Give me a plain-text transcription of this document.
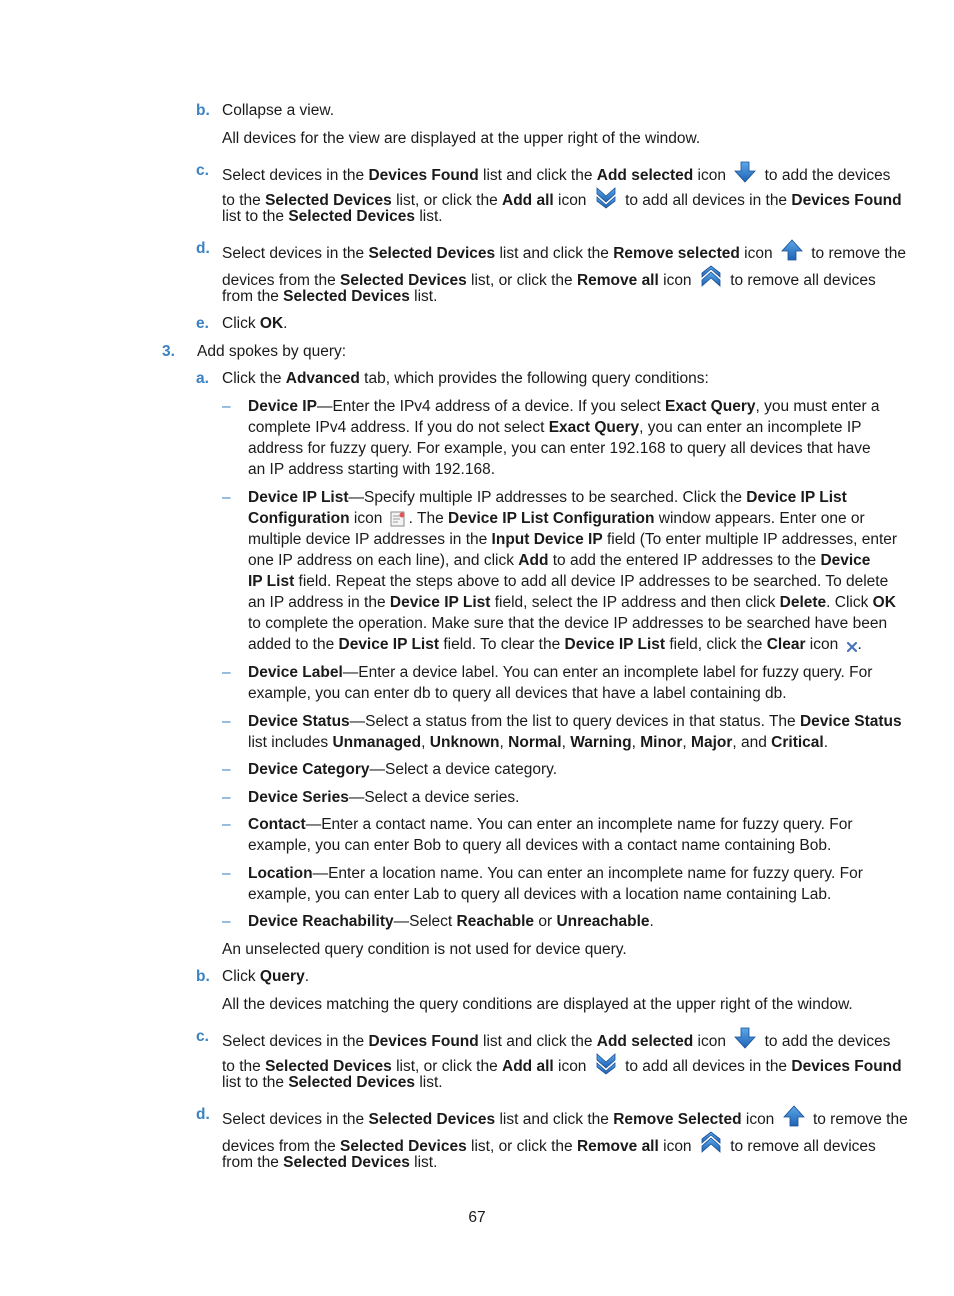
b. Collapse a view.
All devices for the view are displayed at the upper right of the window.
c. Select devices in the Devices Found list and click the Add selected icon to add the devices
to the Selected Devices list, or click the Add all icon to add all devices in the Devices Found
list to the Selected Devices list.
d. Select devices in the Selected Devices list and click the Remove selected icon to remove the
devices from the Selected Devices list, or click the Remove all icon to remove all devices
from the Selected Devices list.
e. Click OK.
3. Add spokes by query:
a. Click the Advanced tab, which provides the following query conditions:
– Device IP—Enter the IPv4 address of a device. If you select Exact Query, you must enter a
complete IPv4 address. If you do not select Exact Query, you can enter an incomplete IP
address for fuzzy query. For example, you can enter 192.168 to query all devices that have
an IP address starting with 192.168.
– Device IP List—Specify multiple IP addresses to be searched. Click the Device IP List
Configuration icon . The Device IP List Configuration window appears. Enter one or
multiple device IP addresses in the Input Device IP field (To enter multiple IP addresses, enter
one IP address on each line), and click Add to add the entered IP addresses to the Device
IP List field. Repeat the steps above to add all device IP addresses to be searched. To delete
an IP address in the Device IP List field, select the IP address and then click Delete. Click OK
to complete the operation. Make sure that the device IP addresses to be searched have been
added to the Device IP List field. To clear the Device IP List field, click the Clear icon .
– Device Label—Enter a device label. You can enter an incomplete label for fuzzy query. For
example, you can enter db to query all devices that have a label containing db.
– Device Status—Select a status from the list to query devices in that status. The Device Status
list includes Unmanaged, Unknown, Normal, Warning, Minor, Major, and Critical.
– Device Category—Select a device category.
– Device Series—Select a device series.
– Contact—Enter a contact name. You can enter an incomplete name for fuzzy query. For
example, you can enter Bob to query all devices with a contact name containing Bob.
– Location—Enter a location name. You can enter an incomplete name for fuzzy query. For
example, you can enter Lab to query all devices with a location name containing Lab.
– Device Reachability—Select Reachable or Unreachable.
An unselected query condition is not used for device query.
b. Click Query.
All the devices matching the query conditions are displayed at the upper right of the window.
c. Select devices in the Devices Found list and click the Add selected icon to add the devices
to the Selected Devices list, or click the Add all icon to add all devices in the Devices Found
list to the Selected Devices list.
d. Select devices in the Selected Devices list and click the Remove Selected icon to remove the
devices from the Selected Devices list, or click the Remove all icon to remove all devices
from the Selected Devices list.
67
